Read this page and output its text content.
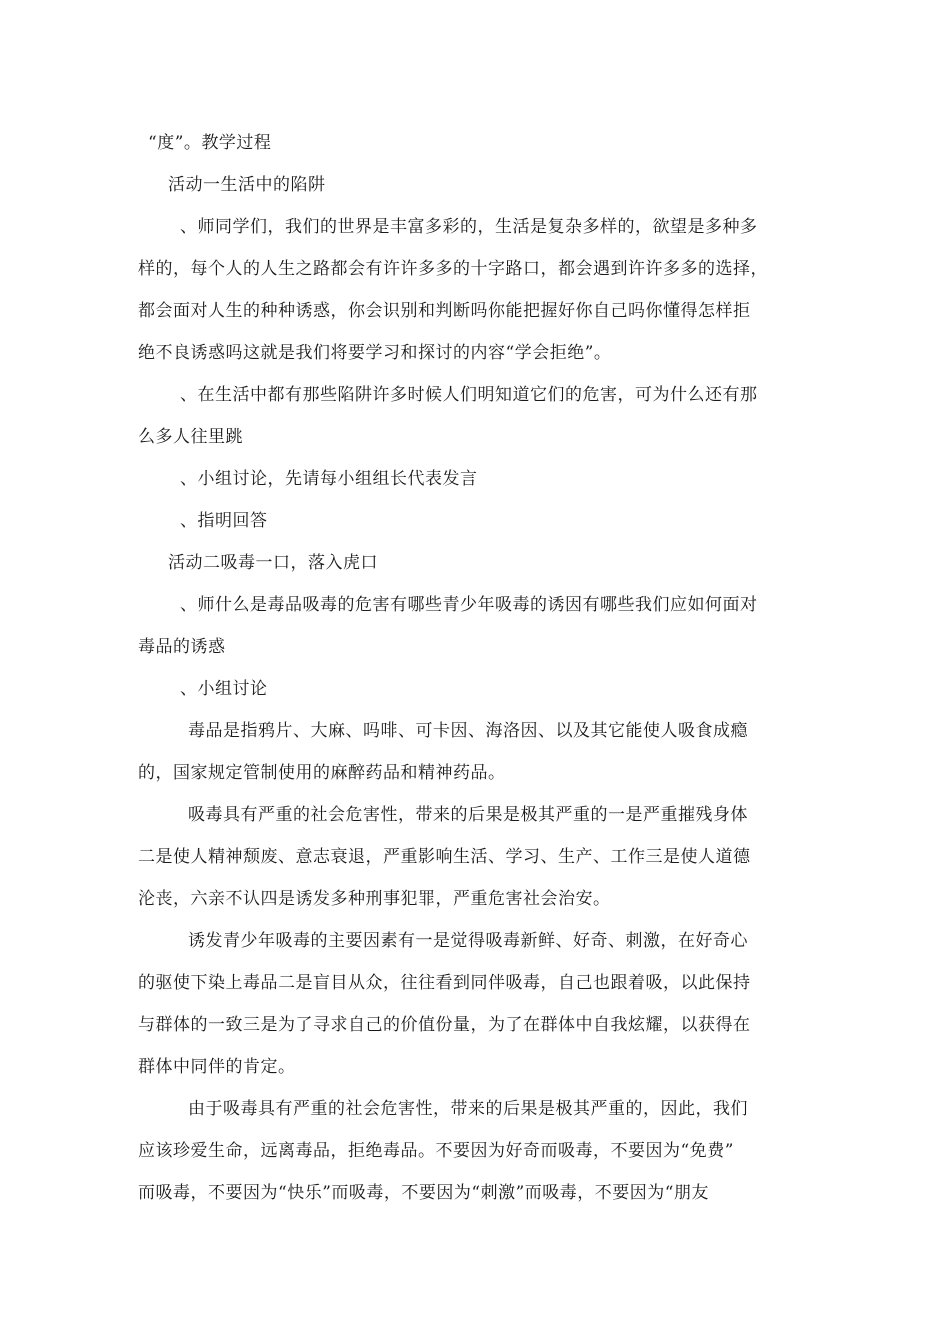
“度”。教学过程
活动一生活中的陷阱
、师同学们，我们的世界是丰富多彩的，生活是复杂多样的，欲望是多种多
样的，每个人的人生之路都会有许许多多的十字路口，都会遇到许许多多的选择，
都会面对人生的种种诱惑，你会识别和判断吗你能把握好你自己吗你懂得怎样拒
绝不良诱惑吗这就是我们将要学习和探讨的内容“学会拒绝”。
、在生活中都有那些陷阱许多时候人们明知道它们的危害，可为什么还有那
么多人往里跳
、小组讨论，先请每小组组长代表发言
、指明回答
活动二吸毒一口，落入虎口
、师什么是毒品吸毒的危害有哪些青少年吸毒的诱因有哪些我们应如何面对
毒品的诱惑
、小组讨论
毒品是指鸦片、大麻、吗啡、可卡因、海洛因、以及其它能使人吸食成瘾
的，国家规定管制使用的麻醉药品和精神药品。
吸毒具有严重的社会危害性，带来的后果是极其严重的一是严重摧残身体
二是使人精神颓废、意志衰退，严重影响生活、学习、生产、工作三是使人道德
沦丧，六亲不认四是诱发多种刑事犯罪，严重危害社会治安。
诱发青少年吸毒的主要因素有一是觉得吸毒新鲜、好奇、刺激，在好奇心
的驱使下染上毒品二是盲目从众，往往看到同伴吸毒，自己也跟着吸，以此保持
与群体的一致三是为了寻求自己的价值份量，为了在群体中自我炫耀，以获得在
群体中同伴的肯定。
由于吸毒具有严重的社会危害性，带来的后果是极其严重的，因此，我们
应该珍爱生命，远离毒品，拒绝毒品。不要因为好奇而吸毒，不要因为“免费”
而吸毒，不要因为“快乐”而吸毒，不要因为“刺激”而吸毒，不要因为“朋友
